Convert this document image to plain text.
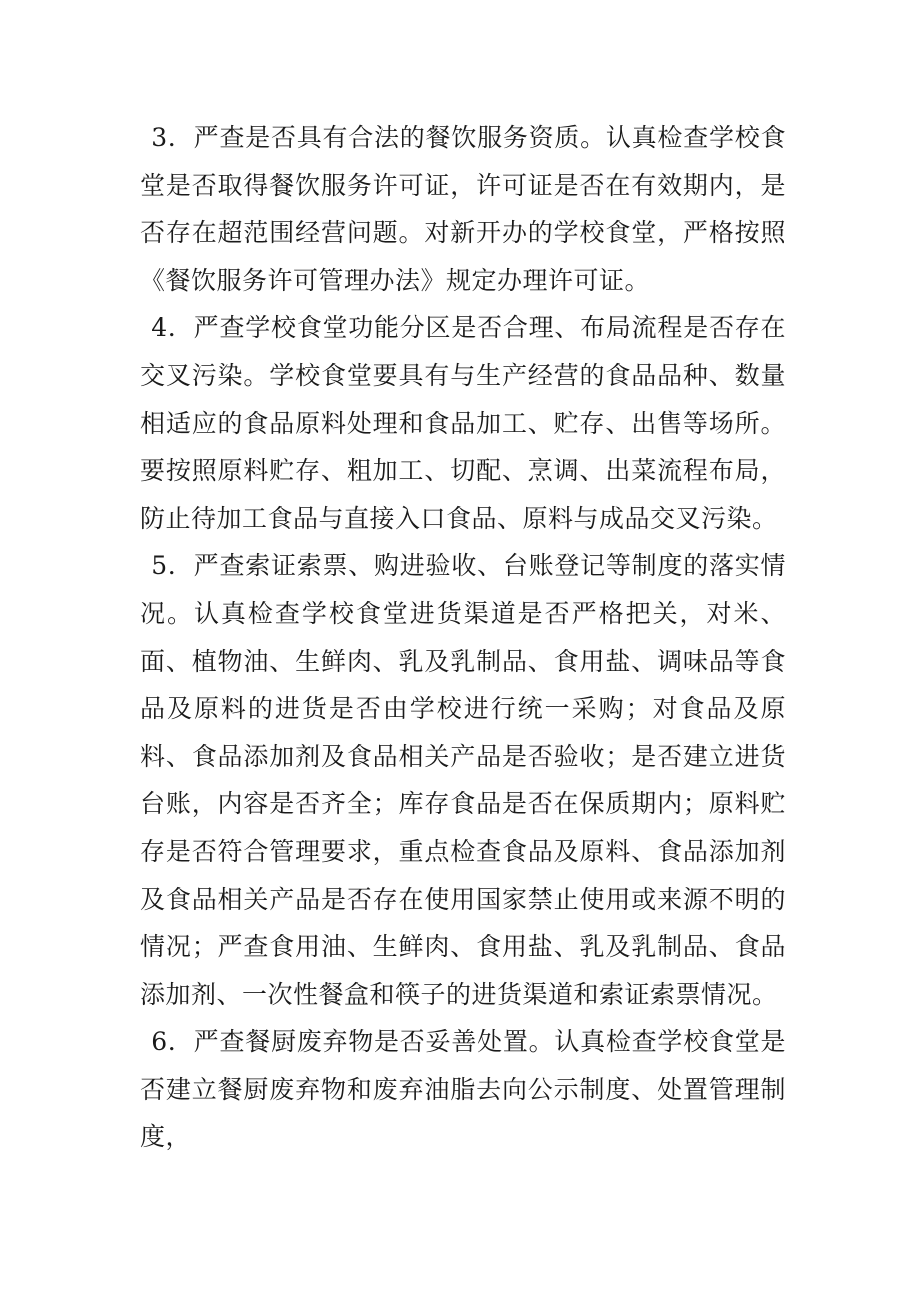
3．严查是否具有合法的餐饮服务资质。认真检查学校食堂是否取得餐饮服务许可证，许可证是否在有效期内，是否存在超范围经营问题。对新开办的学校食堂，严格按照《餐饮服务许可管理办法》规定办理许可证。

4．严查学校食堂功能分区是否合理、布局流程是否存在交叉污染。学校食堂要具有与生产经营的食品品种、数量相适应的食品原料处理和食品加工、贮存、出售等场所。要按照原料贮存、粗加工、切配、烹调、出菜流程布局，防止待加工食品与直接入口食品、原料与成品交叉污染。

5．严查索证索票、购进验收、台账登记等制度的落实情况。认真检查学校食堂进货渠道是否严格把关，对米、面、植物油、生鲜肉、乳及乳制品、食用盐、调味品等食品及原料的进货是否由学校进行统一采购；对食品及原料、食品添加剂及食品相关产品是否验收；是否建立进货台账，内容是否齐全；库存食品是否在保质期内；原料贮存是否符合管理要求，重点检查食品及原料、食品添加剂及食品相关产品是否存在使用国家禁止使用或来源不明的情况；严查食用油、生鲜肉、食用盐、乳及乳制品、食品添加剂、一次性餐盒和筷子的进货渠道和索证索票情况。

6．严查餐厨废弃物是否妥善处置。认真检查学校食堂是否建立餐厨废弃物和废弃油脂去向公示制度、处置管理制度，
